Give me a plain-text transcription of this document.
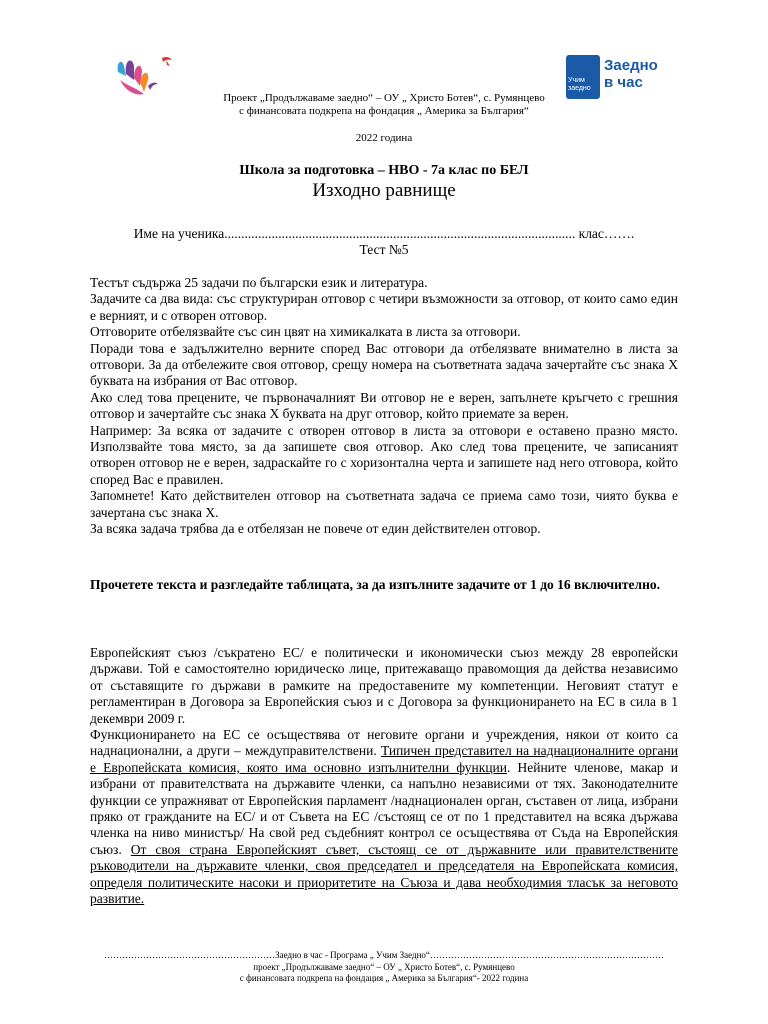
Учим
заедно
Заедно
в час
Проект „Продължаваме заедно“ – ОУ „ Христо Ботев“, с. Румянцево
с финансовата подкрепа на фондация „ Америка за България“
2022 година
Школа за подготовка – НВО - 7а клас по БЕЛ
Изходно равнище
Име на ученика........................................................................................................ клас…….
Тест №5

Тестът съдържа 25 задачи по български език и литература.

Задачите са два вида: със структуриран отговор с четири възможности за отговор, от които само един е верният, и с отворен отговор.

Отговорите отбелязвайте със син цвят на химикалката в листа за отговори.

Поради това е задължително верните според Вас отговори да отбелязвате внимателно в листа за отговори. За да отбележите своя отговор, срещу номера на съответната задача зачертайте със знака Х буквата на избрания от Вас отговор.

Ако след това прецените, че първоначалният Ви отговор не е верен, запълнете кръгчето с грешния отговор и зачертайте със знака Х буквата на друг отговор, който приемате за верен.

Например: За всяка от задачите с отворен отговор в листа за отговори е оставено празно място. Използвайте това място, за да запишете своя отговор. Ако след това прецените, че записаният отворен отговор не е верен, задраскайте го с хоризонтална черта и запишете над него отговора, който според Вас е правилен.

Запомнете! Като действителен отговор на съответната задача се приема само този, чиято буква е зачертана със знака Х.

За всяка задача трябва да е отбелязан не повече от един действителен отговор.

Прочетете текста и разгледайте таблицата, за да изпълните задачите от 1 до 16 включително.

Европейският съюз /съкратено ЕС/ е политически и икономически съюз между 28 европейски държави. Той е самостоятелно юридическо лице, притежаващо правомощия да действа независимо от съставящите го държави в рамките на предоставените му компетенции. Неговият статут е регламентиран в Договора за Европейския съюз и с Договора за функционирането на ЕС в сила в 1 декември 2009 г.

Функционирането на ЕС се осъществява от неговите органи и учреждения, някои от които са наднационални, а други – междуправителствени. Типичен представител на наднационалните органи е Европейската комисия, която има основно изпълнителни функции. Нейните членове, макар и избрани от правителствата на държавите членки, са напълно независими от тях. Законодателните функции се упражняват от Европейския парламент /наднационален орган, съставен от лица, избрани пряко от гражданите на ЕС/ и от Съвета на ЕС /състоящ се от по 1 представител на всяка държава членка на ниво министър/ На свой ред съдебният контрол се осъществява от Съда на Европейския съюз. От своя страна Европейският съвет, състоящ се от държавните или правителствените ръководители на държавите членки, своя председател и председателя на Европейската комисия, определя политическите насоки и приоритетите на Съюза и дава необходимия тласък за неговото развитие.

…………………………………………………Заедно в час - Програма „ Учим Заедно“……………………………………………………………………
проект „Продължаваме заедно“ – ОУ „ Христо Ботев“, с. Румянцево
с финансовата подкрепа на фондация „ Америка за България“- 2022 година
